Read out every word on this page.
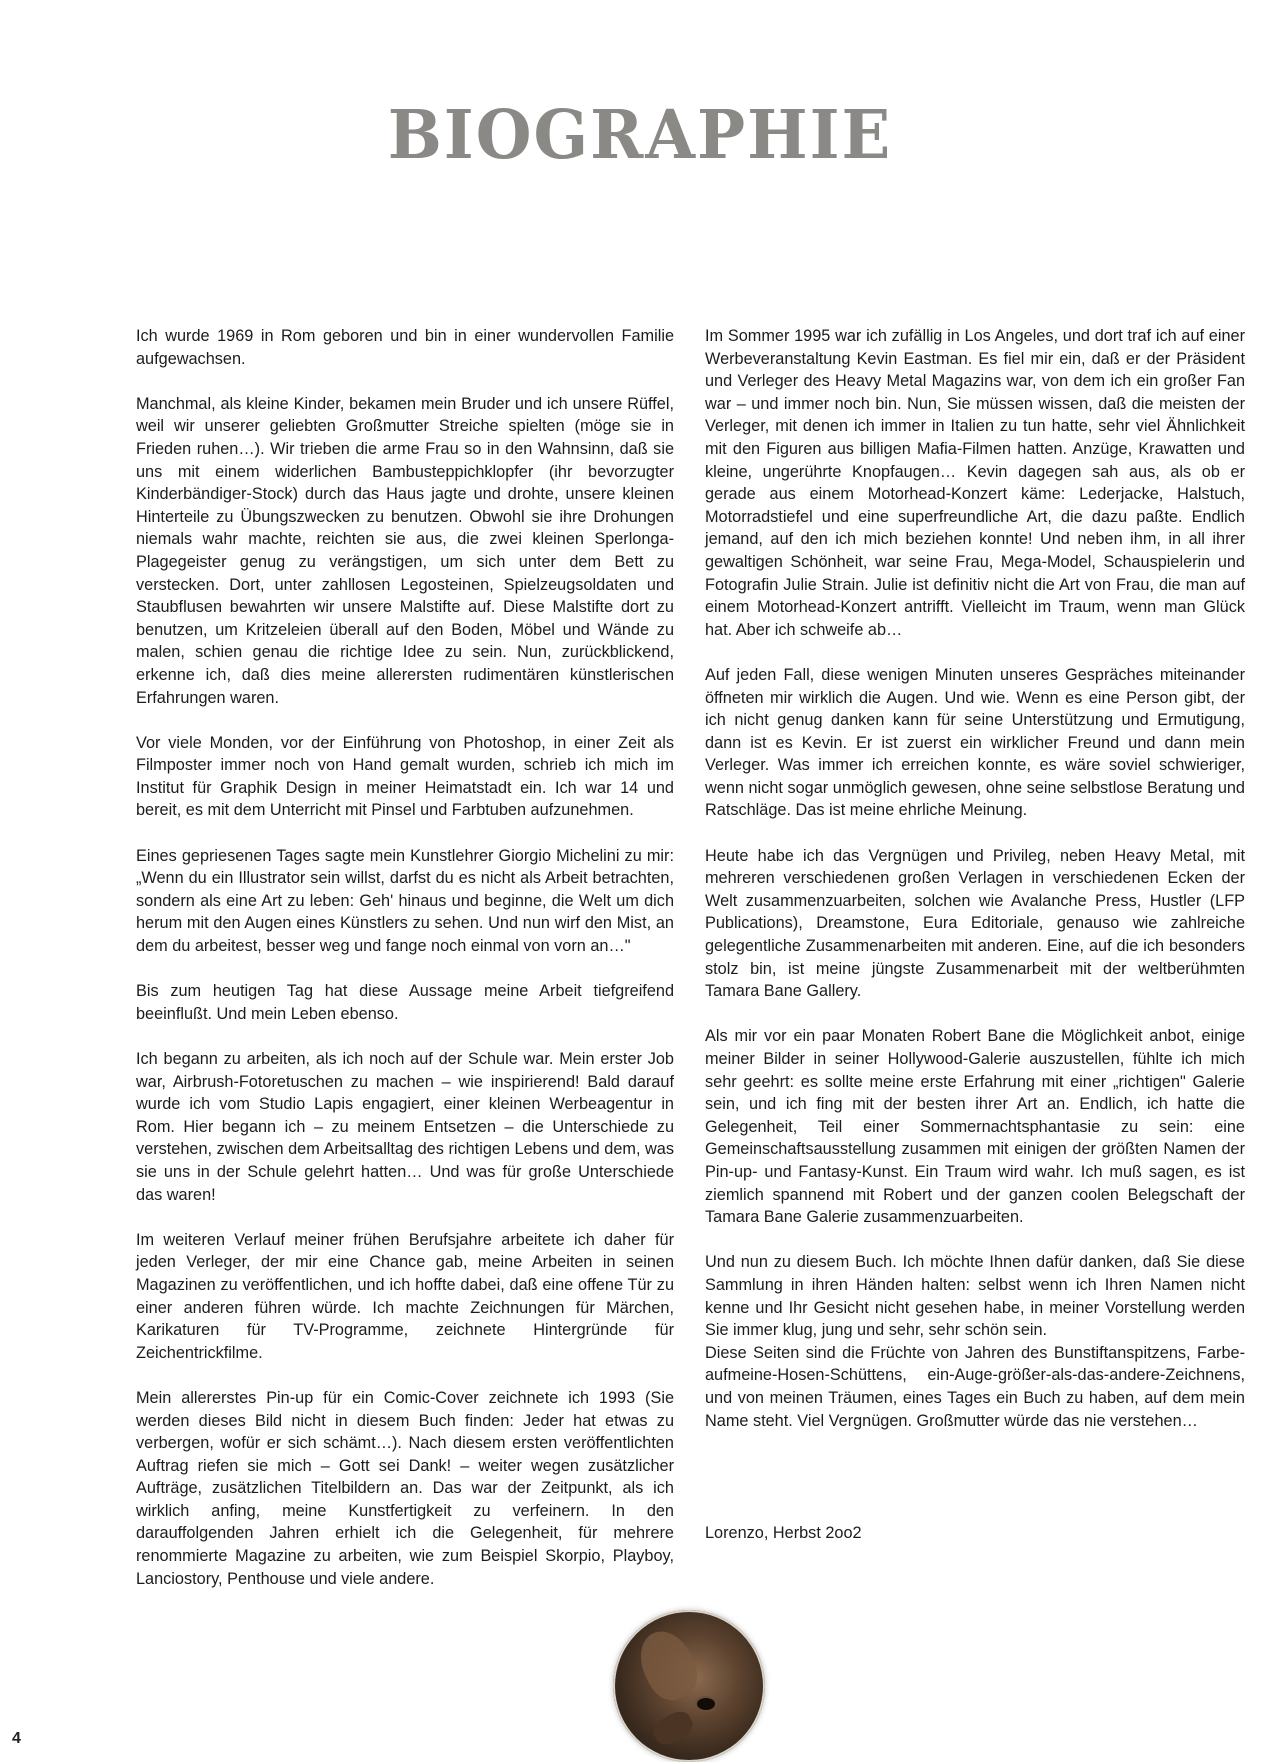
BIOGRAPHIE

Ich wurde 1969 in Rom geboren und bin in einer wundervollen Familie aufgewachsen.

Manchmal, als kleine Kinder, bekamen mein Bruder und ich unsere Rüffel, weil wir unserer geliebten Großmutter Streiche spielten (möge sie in Frieden ruhen…). Wir trieben die arme Frau so in den Wahnsinn, daß sie uns mit einem widerlichen Bambusteppichklopfer (ihr bevorzugter Kinderbändiger-Stock) durch das Haus jagte und drohte, unsere kleinen Hinterteile zu Übungszwecken zu benutzen. Obwohl sie ihre Drohungen niemals wahr machte, reichten sie aus, die zwei kleinen Sperlonga-Plagegeister genug zu verängstigen, um sich unter dem Bett zu verstecken. Dort, unter zahllosen Legosteinen, Spielzeugsoldaten und Staubflusen bewahrten wir unsere Malstifte auf. Diese Malstifte dort zu benutzen, um Kritzeleien überall auf den Boden, Möbel und Wände zu malen, schien genau die richtige Idee zu sein. Nun, zurückblickend, erkenne ich, daß dies meine allerersten rudimentären künstlerischen Erfahrungen waren.

Vor viele Monden, vor der Einführung von Photoshop, in einer Zeit als Filmposter immer noch von Hand gemalt wurden, schrieb ich mich im Institut für Graphik Design in meiner Heimatstadt ein. Ich war 14 und bereit, es mit dem Unterricht mit Pinsel und Farbtuben aufzunehmen.

Eines gepriesenen Tages sagte mein Kunstlehrer Giorgio Michelini zu mir: „Wenn du ein Illustrator sein willst, darfst du es nicht als Arbeit betrachten, sondern als eine Art zu leben: Geh' hinaus und beginne, die Welt um dich herum mit den Augen eines Künstlers zu sehen. Und nun wirf den Mist, an dem du arbeitest, besser weg und fange noch einmal von vorn an…"

Bis zum heutigen Tag hat diese Aussage meine Arbeit tiefgreifend beeinflußt. Und mein Leben ebenso.

Ich begann zu arbeiten, als ich noch auf der Schule war. Mein erster Job war, Airbrush-Fotoretuschen zu machen – wie inspirierend! Bald darauf wurde ich vom Studio Lapis engagiert, einer kleinen Werbeagentur in Rom. Hier begann ich – zu meinem Entsetzen – die Unterschiede zu verstehen, zwischen dem Arbeitsalltag des richtigen Lebens und dem, was sie uns in der Schule gelehrt hatten… Und was für große Unterschiede das waren!

Im weiteren Verlauf meiner frühen Berufsjahre arbeitete ich daher für jeden Verleger, der mir eine Chance gab, meine Arbeiten in seinen Magazinen zu veröffentlichen, und ich hoffte dabei, daß eine offene Tür zu einer anderen führen würde. Ich machte Zeichnungen für Märchen, Karikaturen für TV-Programme, zeichnete Hintergründe für Zeichentrickfilme.

Mein allererstes Pin-up für ein Comic-Cover zeichnete ich 1993 (Sie werden dieses Bild nicht in diesem Buch finden: Jeder hat etwas zu verbergen, wofür er sich schämt…). Nach diesem ersten veröffentlichten Auftrag riefen sie mich – Gott sei Dank! – weiter wegen zusätzlicher Aufträge, zusätzlichen Titelbildern an. Das war der Zeitpunkt, als ich wirklich anfing, meine Kunstfertigkeit zu verfeinern. In den darauffolgenden Jahren erhielt ich die Gelegenheit, für mehrere renommierte Magazine zu arbeiten, wie zum Beispiel Skorpio, Playboy, Lanciostory, Penthouse und viele andere.

Im Sommer 1995 war ich zufällig in Los Angeles, und dort traf ich auf einer Werbeveranstaltung Kevin Eastman. Es fiel mir ein, daß er der Präsident und Verleger des Heavy Metal Magazins war, von dem ich ein großer Fan war – und immer noch bin. Nun, Sie müssen wissen, daß die meisten der Verleger, mit denen ich immer in Italien zu tun hatte, sehr viel Ähnlichkeit mit den Figuren aus billigen Mafia-Filmen hatten. Anzüge, Krawatten und kleine, ungerührte Knopfaugen… Kevin dagegen sah aus, als ob er gerade aus einem Motorhead-Konzert käme: Lederjacke, Halstuch, Motorradstiefel und eine superfreundliche Art, die dazu paßte. Endlich jemand, auf den ich mich beziehen konnte! Und neben ihm, in all ihrer gewaltigen Schönheit, war seine Frau, Mega-Model, Schauspielerin und Fotografin Julie Strain. Julie ist definitiv nicht die Art von Frau, die man auf einem Motorhead-Konzert antrifft. Vielleicht im Traum, wenn man Glück hat. Aber ich schweife ab…

Auf jeden Fall, diese wenigen Minuten unseres Gespräches miteinander öffneten mir wirklich die Augen. Und wie. Wenn es eine Person gibt, der ich nicht genug danken kann für seine Unterstützung und Ermutigung, dann ist es Kevin. Er ist zuerst ein wirklicher Freund und dann mein Verleger. Was immer ich erreichen konnte, es wäre soviel schwieriger, wenn nicht sogar unmöglich gewesen, ohne seine selbstlose Beratung und Ratschläge. Das ist meine ehrliche Meinung.

Heute habe ich das Vergnügen und Privileg, neben Heavy Metal, mit mehreren verschiedenen großen Verlagen in verschiedenen Ecken der Welt zusammenzuarbeiten, solchen wie Avalanche Press, Hustler (LFP Publications), Dreamstone, Eura Editoriale, genauso wie zahlreiche gelegentliche Zusammenarbeiten mit anderen. Eine, auf die ich besonders stolz bin, ist meine jüngste Zusammenarbeit mit der weltberühmten Tamara Bane Gallery.

Als mir vor ein paar Monaten Robert Bane die Möglichkeit anbot, einige meiner Bilder in seiner Hollywood-Galerie auszustellen, fühlte ich mich sehr geehrt: es sollte meine erste Erfahrung mit einer „richtigen" Galerie sein, und ich fing mit der besten ihrer Art an. Endlich, ich hatte die Gelegenheit, Teil einer Sommernachtsphantasie zu sein: eine Gemeinschaftsausstellung zusammen mit einigen der größten Namen der Pin-up- und Fantasy-Kunst. Ein Traum wird wahr. Ich muß sagen, es ist ziemlich spannend mit Robert und der ganzen coolen Belegschaft der Tamara Bane Galerie zusammenzuarbeiten.

Und nun zu diesem Buch. Ich möchte Ihnen dafür danken, daß Sie diese Sammlung in ihren Händen halten: selbst wenn ich Ihren Namen nicht kenne und Ihr Gesicht nicht gesehen habe, in meiner Vorstellung werden Sie immer klug, jung und sehr, sehr schön sein.

Diese Seiten sind die Früchte von Jahren des Bunstiftanspitzens, Farbe-aufmeine-Hosen-Schüttens, ein-Auge-größer-als-das-andere-Zeichnens, und von meinen Träumen, eines Tages ein Buch zu haben, auf dem mein Name steht. Viel Vergnügen. Großmutter würde das nie verstehen…

Lorenzo, Herbst 2oo2

4
